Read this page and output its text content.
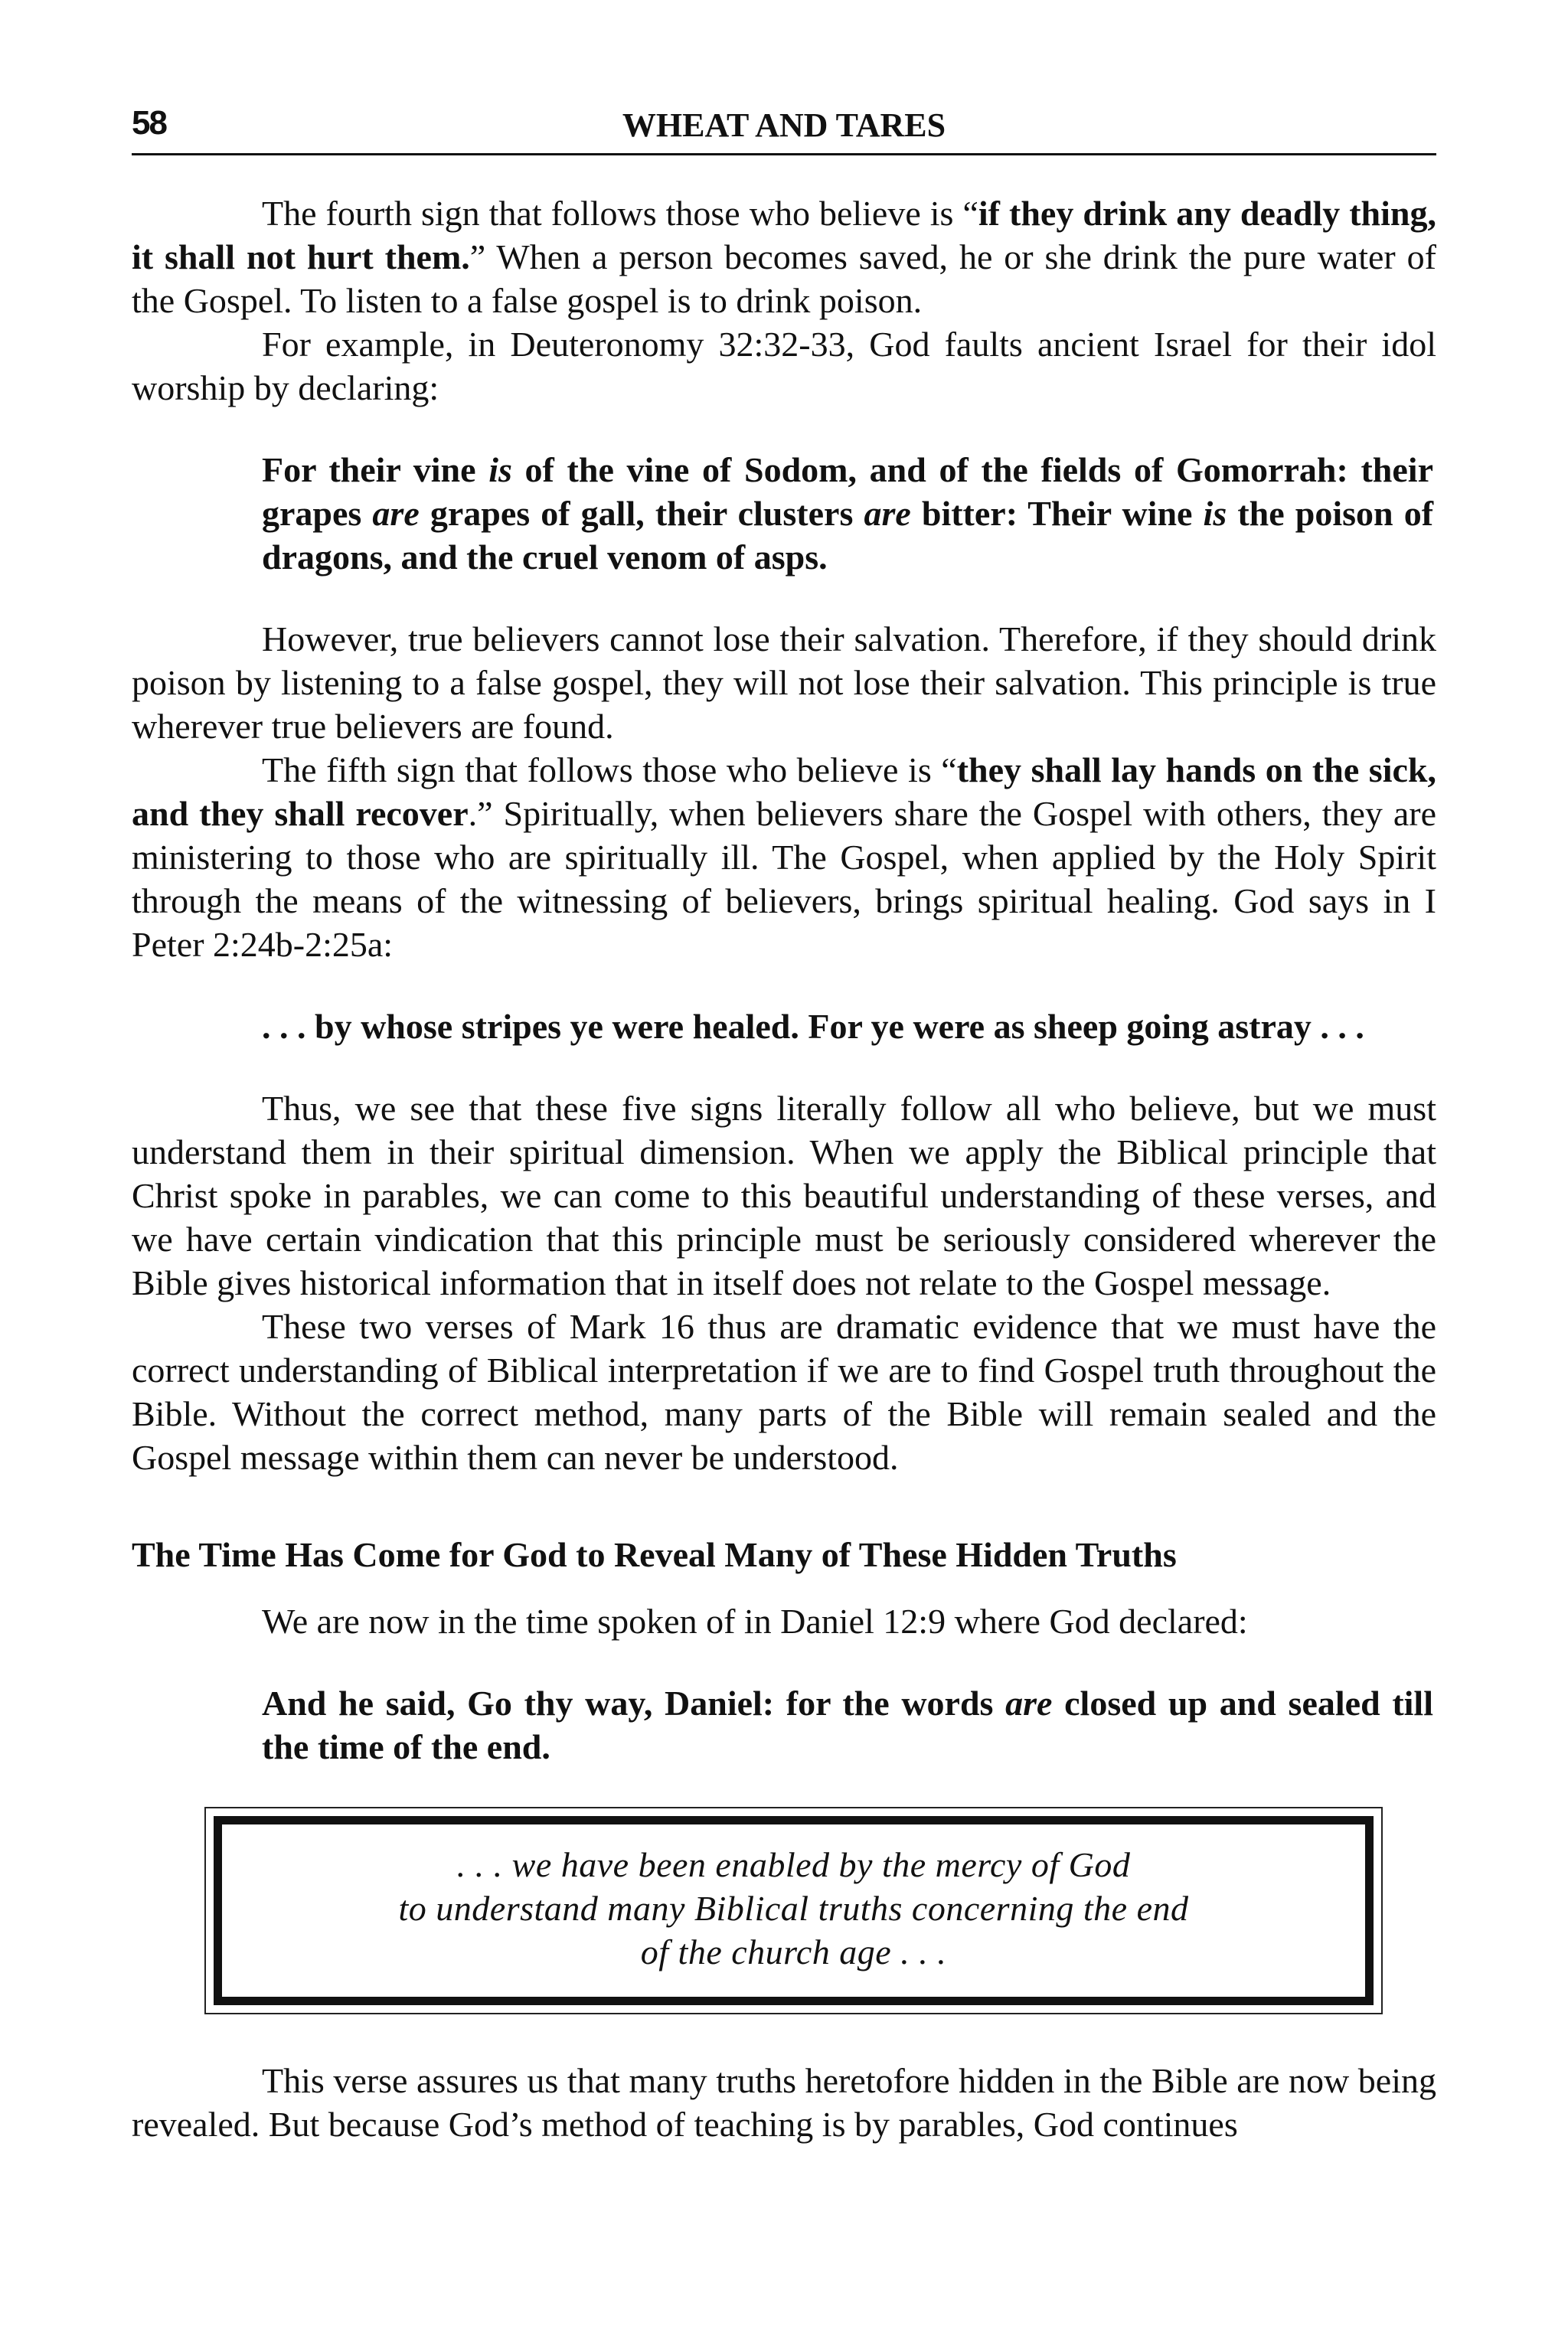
58	WHEAT AND TARES

The fourth sign that follows those who believe is “if they drink any deadly thing, it shall not hurt them.” When a person becomes saved, he or she drink the pure water of the Gospel. To listen to a false gospel is to drink poison.

For example, in Deuteronomy 32:32-33, God faults ancient Israel for their idol worship by declaring:

For their vine is of the vine of Sodom, and of the fields of Gomorrah: their grapes are grapes of gall, their clusters are bitter: Their wine is the poison of dragons, and the cruel venom of asps.

However, true believers cannot lose their salvation. Therefore, if they should drink poison by listening to a false gospel, they will not lose their salvation. This principle is true wherever true believers are found.

The fifth sign that follows those who believe is “they shall lay hands on the sick, and they shall recover.” Spiritually, when believers share the Gospel with others, they are ministering to those who are spiritually ill. The Gospel, when applied by the Holy Spirit through the means of the witnessing of believers, brings spiritual healing. God says in I Peter 2:24b-2:25a:

. . . by whose stripes ye were healed. For ye were as sheep going astray . . .

Thus, we see that these five signs literally follow all who believe, but we must understand them in their spiritual dimension. When we apply the Biblical principle that Christ spoke in parables, we can come to this beautiful understanding of these verses, and we have certain vindication that this principle must be seriously considered wherever the Bible gives historical information that in itself does not relate to the Gospel message.

These two verses of Mark 16 thus are dramatic evidence that we must have the correct understanding of Biblical interpretation if we are to find Gospel truth throughout the Bible. Without the correct method, many parts of the Bible will remain sealed and the Gospel message within them can never be understood.

The Time Has Come for God to Reveal Many of These Hidden Truths

We are now in the time spoken of in Daniel 12:9 where God declared:

And he said, Go thy way, Daniel: for the words are closed up and sealed till the time of the end.

. . . we have been enabled by the mercy of God
to understand many Biblical truths concerning the end
of the church age . . .

This verse assures us that many truths heretofore hidden in the Bible are now being revealed. But because God’s method of teaching is by parables, God continues
